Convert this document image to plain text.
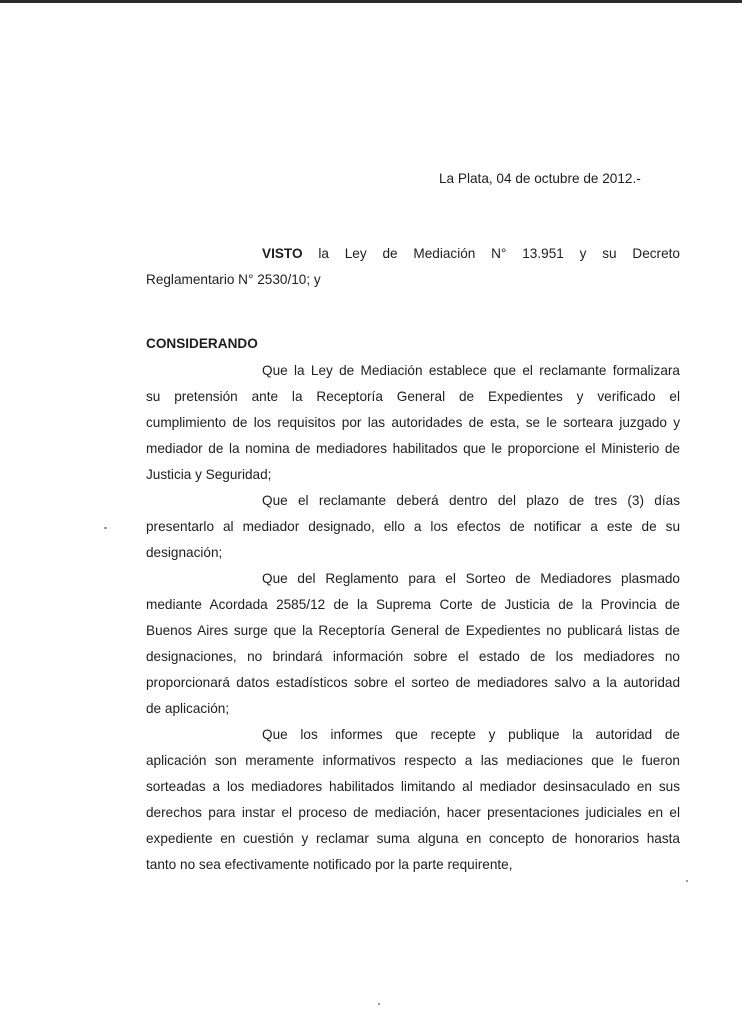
La Plata, 04 de octubre de 2012.-
VISTO la Ley de Mediación N° 13.951 y su Decreto
Reglamentario N° 2530/10; y
CONSIDERANDO
Que la Ley de Mediación establece que el reclamante formalizara
su pretensión ante la Receptoría General de Expedientes y verificado el
cumplimiento de los requisitos por las autoridades de esta, se le sorteara juzgado y
mediador de la nomina de mediadores habilitados que le proporcione el Ministerio de
Justicia y Seguridad;
Que el reclamante deberá dentro del plazo de tres (3) días
presentarlo al mediador designado, ello a los efectos de notificar a este de su
designación;
Que del Reglamento para el Sorteo de Mediadores plasmado
mediante Acordada 2585/12 de la Suprema Corte de Justicia de la Provincia de
Buenos Aires surge que la Receptoría General de Expedientes no publicará listas de
designaciones, no brindará información sobre el estado de los mediadores no
proporcionará datos estadísticos sobre el sorteo de mediadores salvo a la autoridad
de aplicación;
Que los informes que recepte y publique la autoridad de
aplicación son meramente informativos respecto a las mediaciones que le fueron
sorteadas a los mediadores habilitados limitando al mediador desinsaculado en sus
derechos para instar el proceso de mediación, hacer presentaciones judiciales en el
expediente en cuestión y reclamar suma alguna en concepto de honorarios hasta
tanto no sea efectivamente notificado por la parte requirente,
